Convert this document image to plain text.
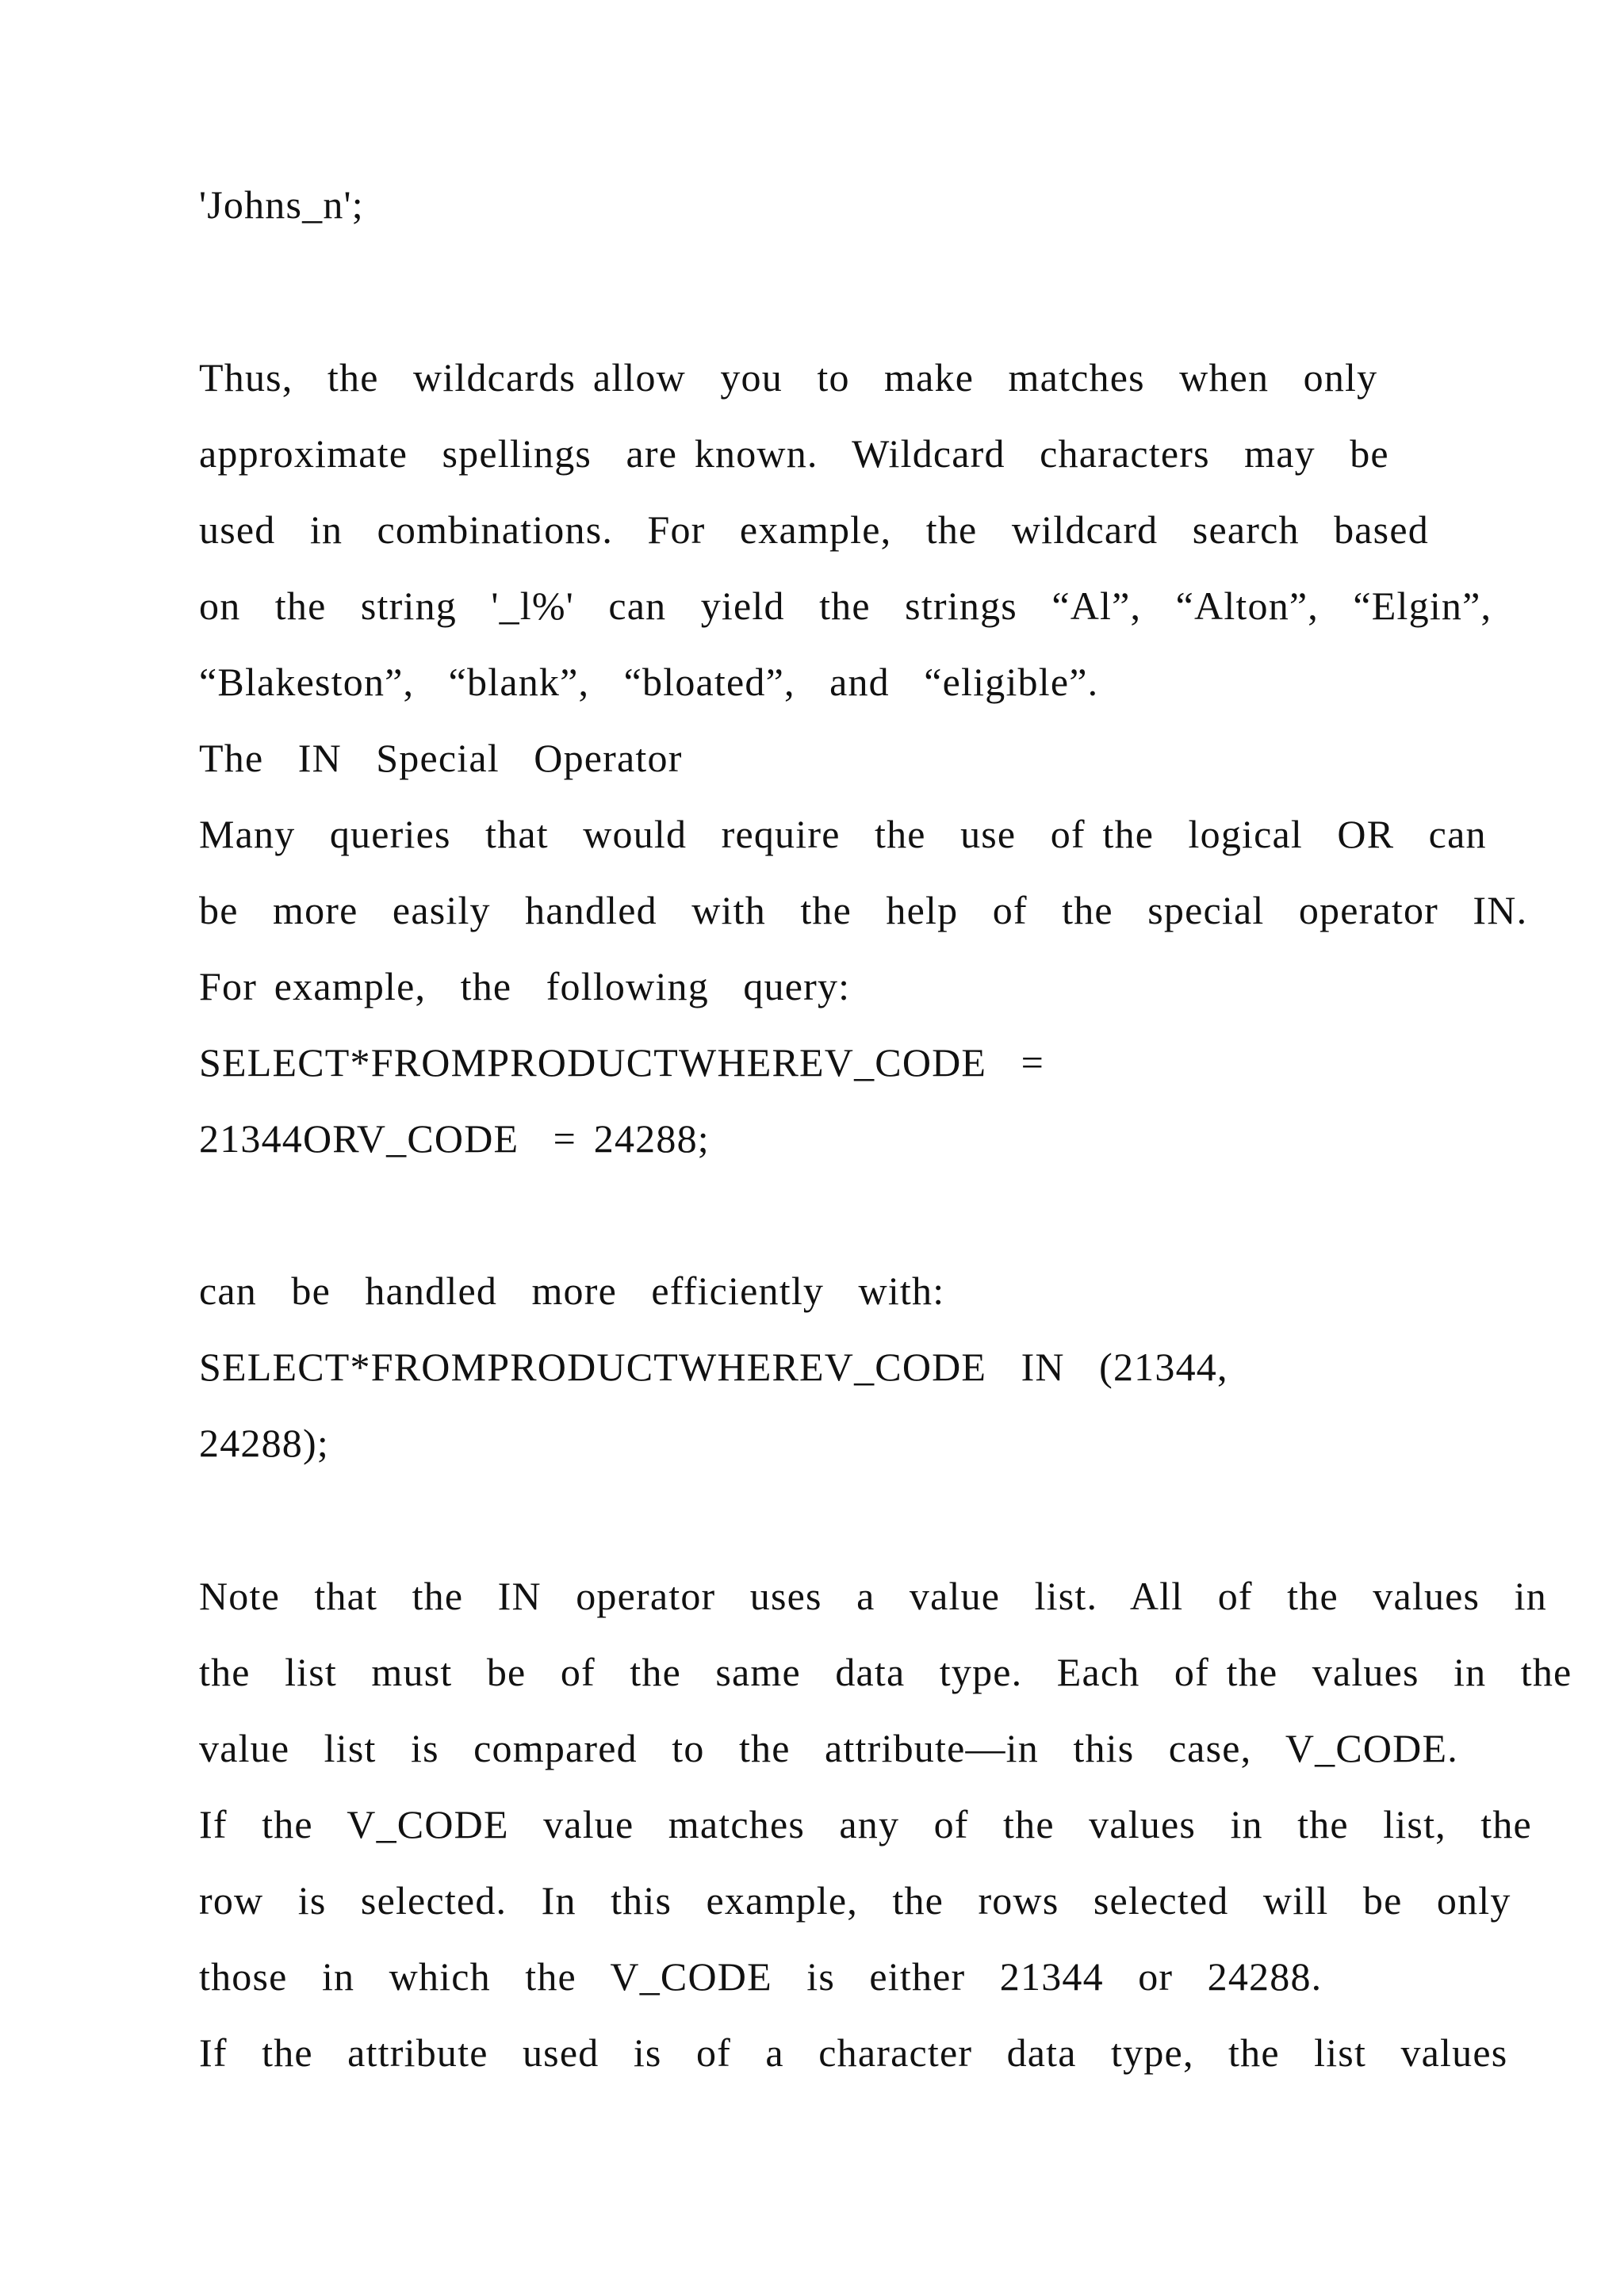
'Johns_n';
Thus,  the  wildcards allow  you  to  make  matches  when  only
approximate  spellings  are known.  Wildcard  characters  may  be
used  in  combinations.  For  example,  the  wildcard  search  based
on  the  string  '_l%'  can  yield  the  strings  “Al”,  “Alton”,  “Elgin”,
“Blakeston”,  “blank”,  “bloated”,  and  “eligible”.
The  IN  Special  Operator
Many  queries  that  would  require  the  use  of the  logical  OR  can
be  more  easily  handled  with  the  help  of  the  special  operator  IN.
For example,  the  following  query:
SELECT*FROMPRODUCTWHEREV_CODE  =
21344ORV_CODE  = 24288;
can  be  handled  more  efficiently  with:
SELECT*FROMPRODUCTWHEREV_CODE  IN  (21344,
24288);
Note  that  the  IN  operator  uses  a  value  list.  All  of  the  values  in
the  list  must  be  of  the  same  data  type.  Each  of the  values  in  the
value  list  is  compared  to  the  attribute—in  this  case,  V_CODE.
If  the  V_CODE  value  matches  any  of  the  values  in  the  list,  the
row  is  selected.  In  this  example,  the  rows  selected  will  be  only
those  in  which  the  V_CODE  is  either  21344  or  24288.
If  the  attribute  used  is  of  a  character  data  type,  the  list  values
